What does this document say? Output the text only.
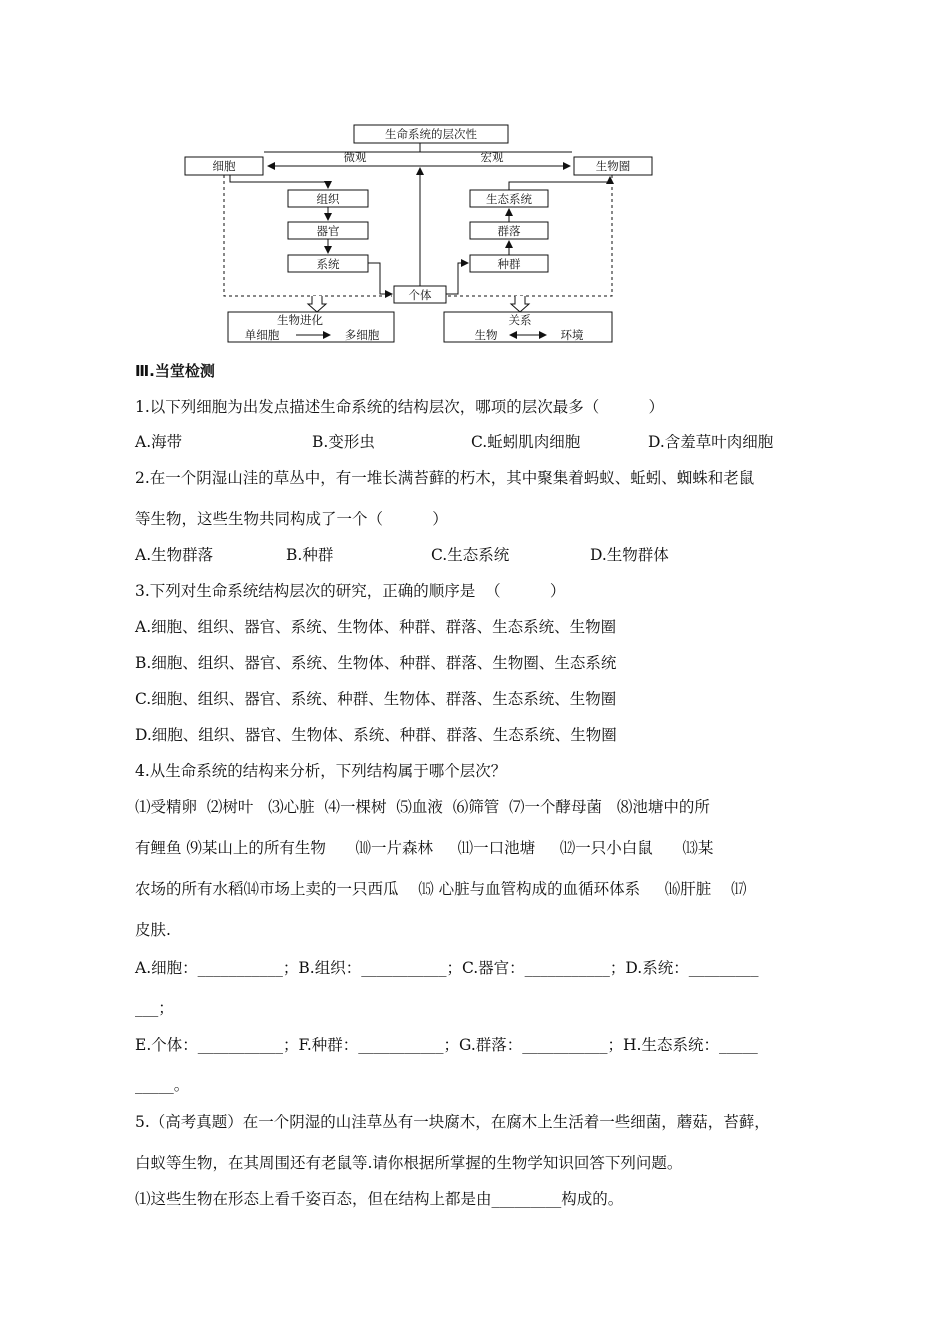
生命系统的层次性
细胞	生物圈
微观	宏观
组织
器官
系统
生态系统
群落
种群
个体
生物进化
单细胞	多细胞
关系
生物	环境
Ⅲ.当堂检测
1.以下列细胞为出发点描述生命系统的结构层次，哪项的层次最多（          ）
A.海带	B.变形虫	C.蚯蚓肌肉细胞	D.含羞草叶肉细胞
2.在一个阴湿山洼的草丛中，有一堆长满苔藓的朽木，其中聚集着蚂蚁、蚯蚓、蜘蛛和老鼠
等生物，这些生物共同构成了一个（          ）
A.生物群落	B.种群	C.生态系统	D.生物群体
3.下列对生命系统结构层次的研究，正确的顺序是  （          ）
A.细胞、组织、器官、系统、生物体、种群、群落、生态系统、生物圈
B.细胞、组织、器官、系统、生物体、种群、群落、生物圈、生态系统
C.细胞、组织、器官、系统、种群、生物体、群落、生态系统、生物圈
D.细胞、组织、器官、生物体、系统、种群、群落、生态系统、生物圈
4.从生命系统的结构来分析，下列结构属于哪个层次？
⑴受精卵  ⑵树叶   ⑶心脏  ⑷一棵树  ⑸血液  ⑹筛管  ⑺一个酵母菌   ⑻池塘中的所
有鲤鱼 ⑼某山上的所有生物      ⑽一片森林     ⑾一口池塘     ⑿一只小白鼠      ⒀某
农场的所有水稻⒁市场上卖的一只西瓜    ⒂ 心脏与血管构成的血循环体系     ⒃肝脏    ⒄
皮肤.
A.细胞：___________；B.组织：___________；C.器官：___________；D.系统：_________
___；
E.个体：___________；F.种群：___________；G.群落：___________；H.生态系统：_____
_____。
5.（高考真题）在一个阴湿的山洼草丛有一块腐木，在腐木上生活着一些细菌，蘑菇，苔藓，
白蚁等生物，在其周围还有老鼠等.请你根据所掌握的生物学知识回答下列问题。
⑴这些生物在形态上看千姿百态，但在结构上都是由_________构成的。
